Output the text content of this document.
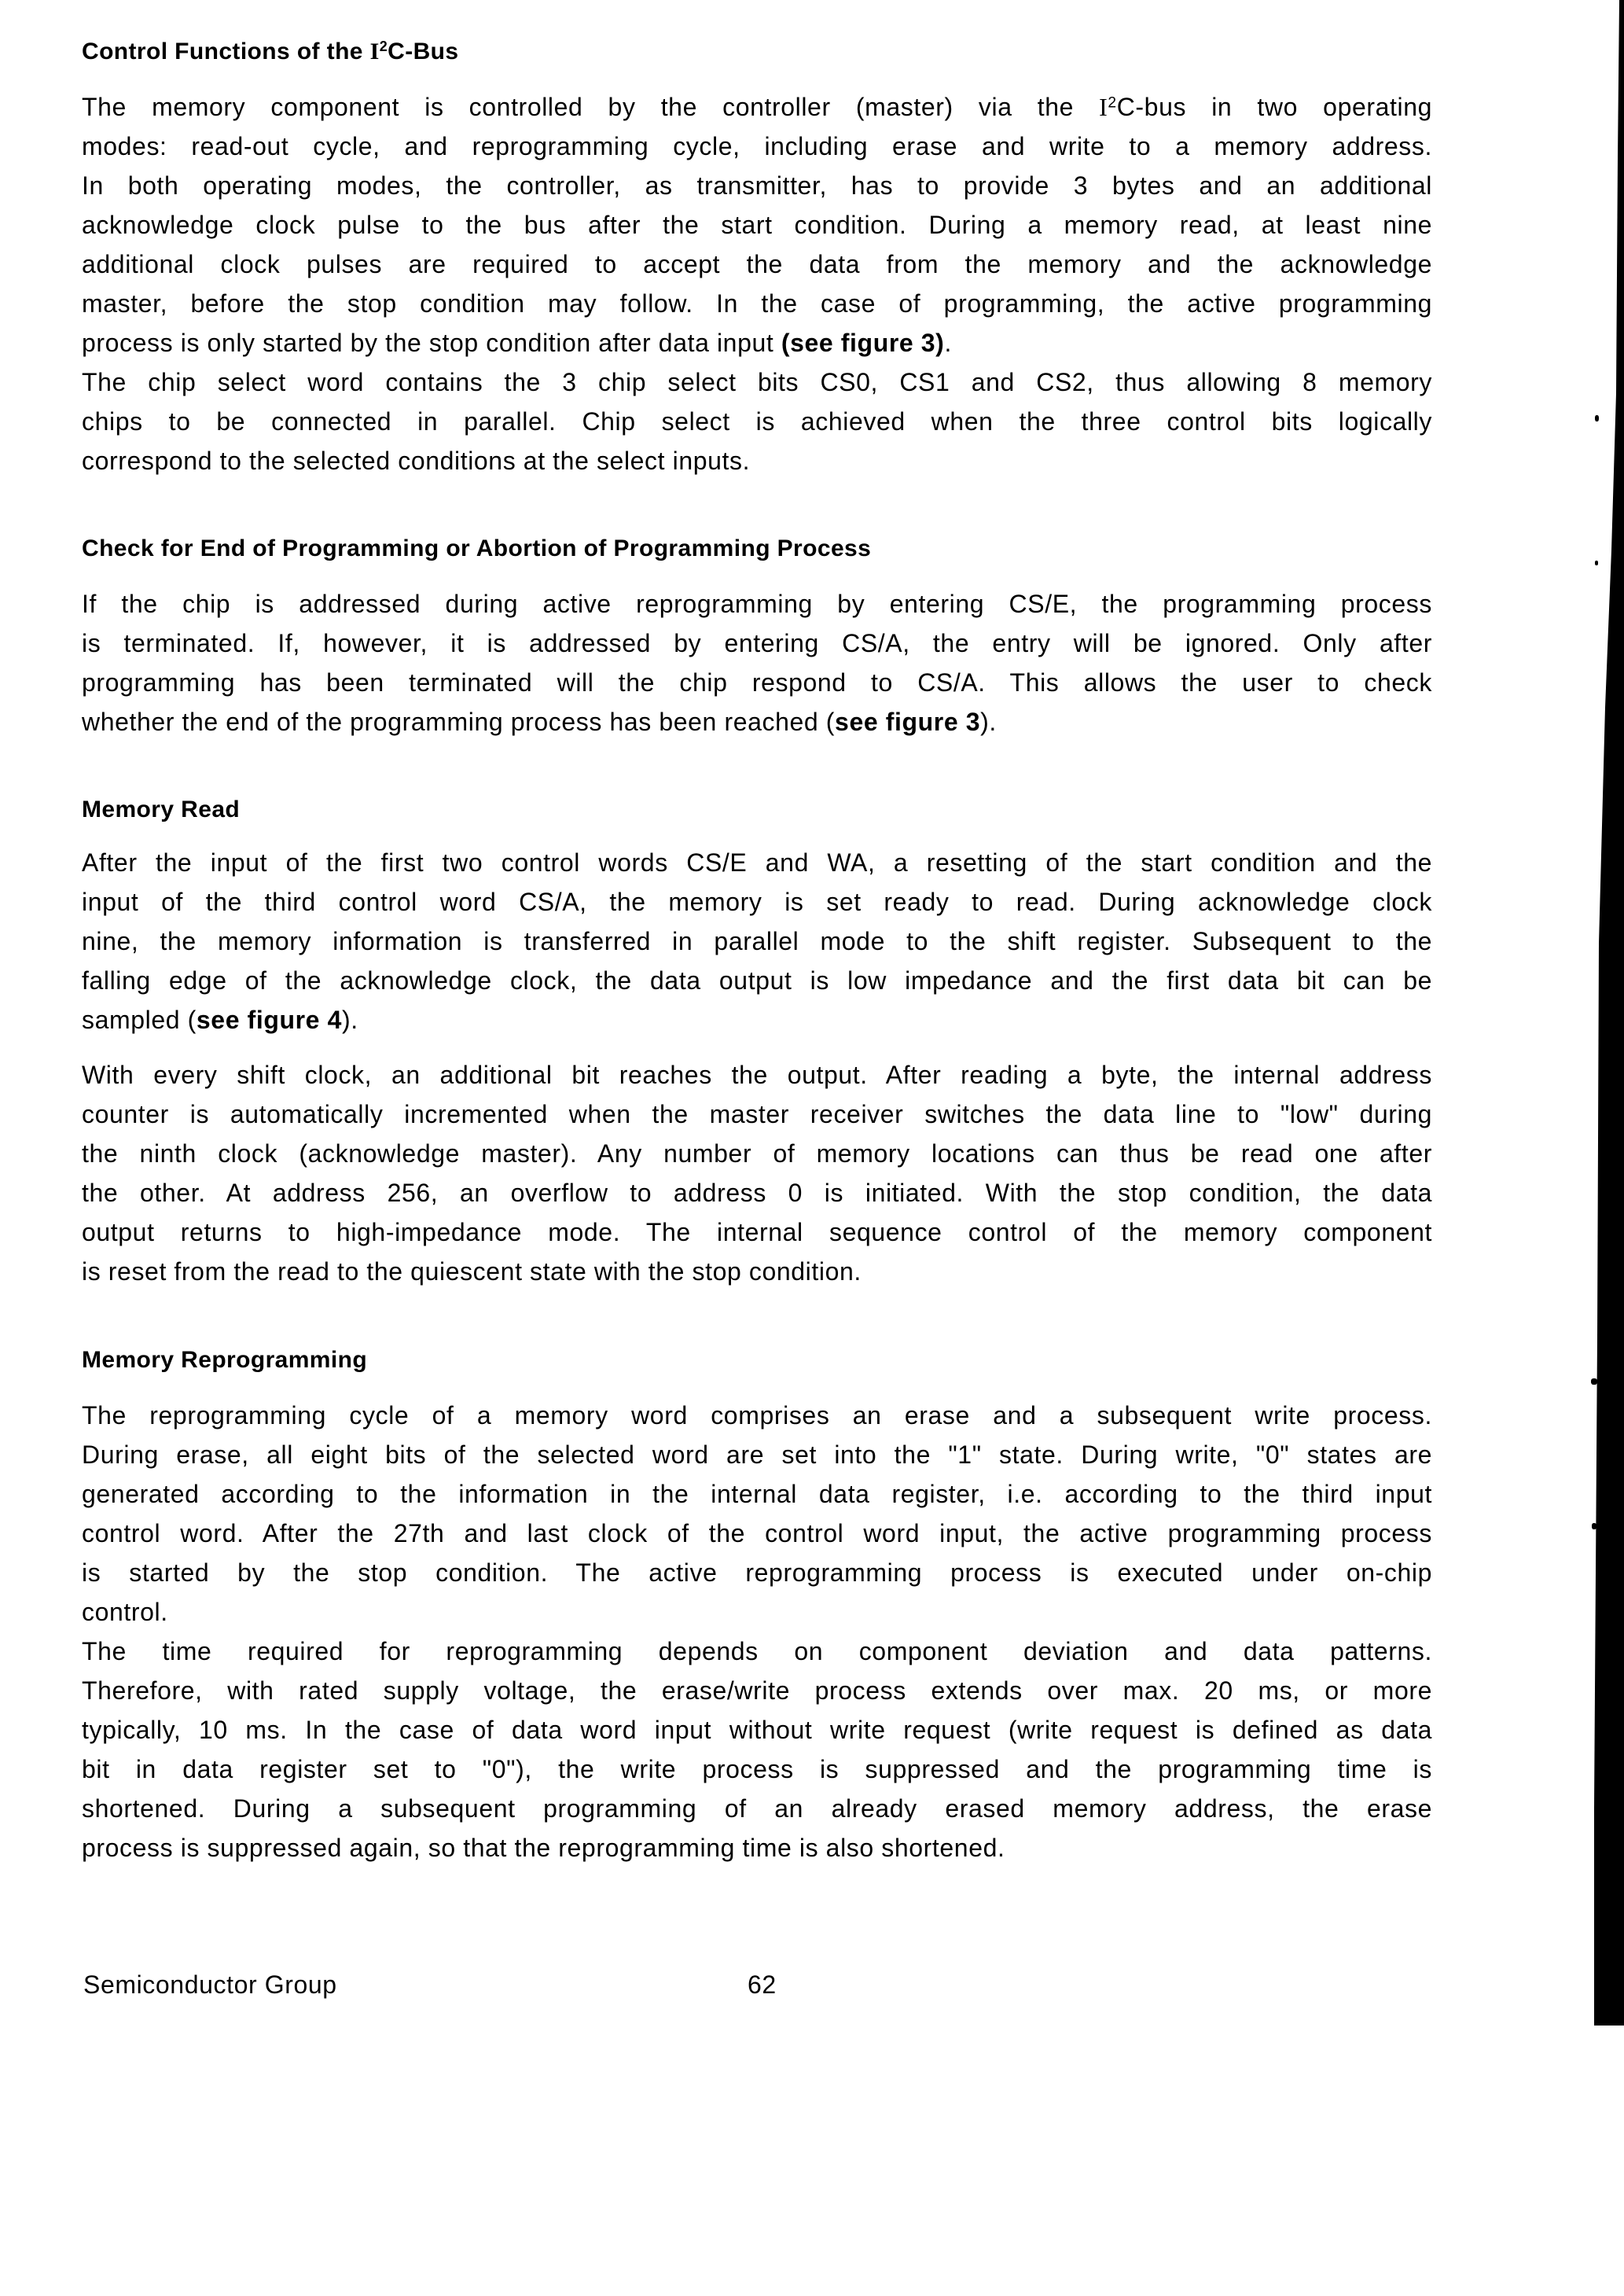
Control Functions of the $I^2C$-Bus
The memory component is controlled by the controller (master) via the $I^2C$-bus in two operating
modes: read-out cycle, and reprogramming cycle, including erase and write to a memory address.
In both operating modes, the controller, as transmitter, has to provide 3 bytes and an additional
acknowledge clock pulse to the bus after the start condition. During a memory read, at least nine
additional clock pulses are required to accept the data from the memory and the acknowledge
master, before the stop condition may follow. In the case of programming, the active programming
process is only started by the stop condition after data input (see figure 3).
The chip select word contains the 3 chip select bits CS0, CS1 and CS2, thus allowing 8 memory
chips to be connected in parallel. Chip select is achieved when the three control bits logically
correspond to the selected conditions at the select inputs.
Check for End of Programming or Abortion of Programming Process
If the chip is addressed during active reprogramming by entering CS/E, the programming process
is terminated. If, however, it is addressed by entering CS/A, the entry will be ignored. Only after
programming has been terminated will the chip respond to CS/A. This allows the user to check
whether the end of the programming process has been reached (see figure 3).
Memory Read
After the input of the first two control words CS/E and WA, a resetting of the start condition and the
input of the third control word CS/A, the memory is set ready to read. During acknowledge clock
nine, the memory information is transferred in parallel mode to the shift register. Subsequent to the
falling edge of the acknowledge clock, the data output is low impedance and the first data bit can be
sampled (see figure 4).
With every shift clock, an additional bit reaches the output. After reading a byte, the internal address
counter is automatically incremented when the master receiver switches the data line to "low" during
the ninth clock (acknowledge master). Any number of memory locations can thus be read one after
the other. At address 256, an overflow to address 0 is initiated. With the stop condition, the data
output returns to high-impedance mode. The internal sequence control of the memory component
is reset from the read to the quiescent state with the stop condition.
Memory Reprogramming
The reprogramming cycle of a memory word comprises an erase and a subsequent write process.
During erase, all eight bits of the selected word are set into the "1" state. During write, "0" states are
generated according to the information in the internal data register, i.e. according to the third input
control word. After the 27th and last clock of the control word input, the active programming process
is started by the stop condition. The active reprogramming process is executed under on-chip
control.
The time required for reprogramming depends on component deviation and data patterns.
Therefore, with rated supply voltage, the erase/write process extends over max. 20 ms, or more
typically, 10 ms. In the case of data word input without write request (write request is defined as data
bit in data register set to "0"), the write process is suppressed and the programming time is
shortened. During a subsequent programming of an already erased memory address, the erase
process is suppressed again, so that the reprogramming time is also shortened.
Semiconductor Group	62
